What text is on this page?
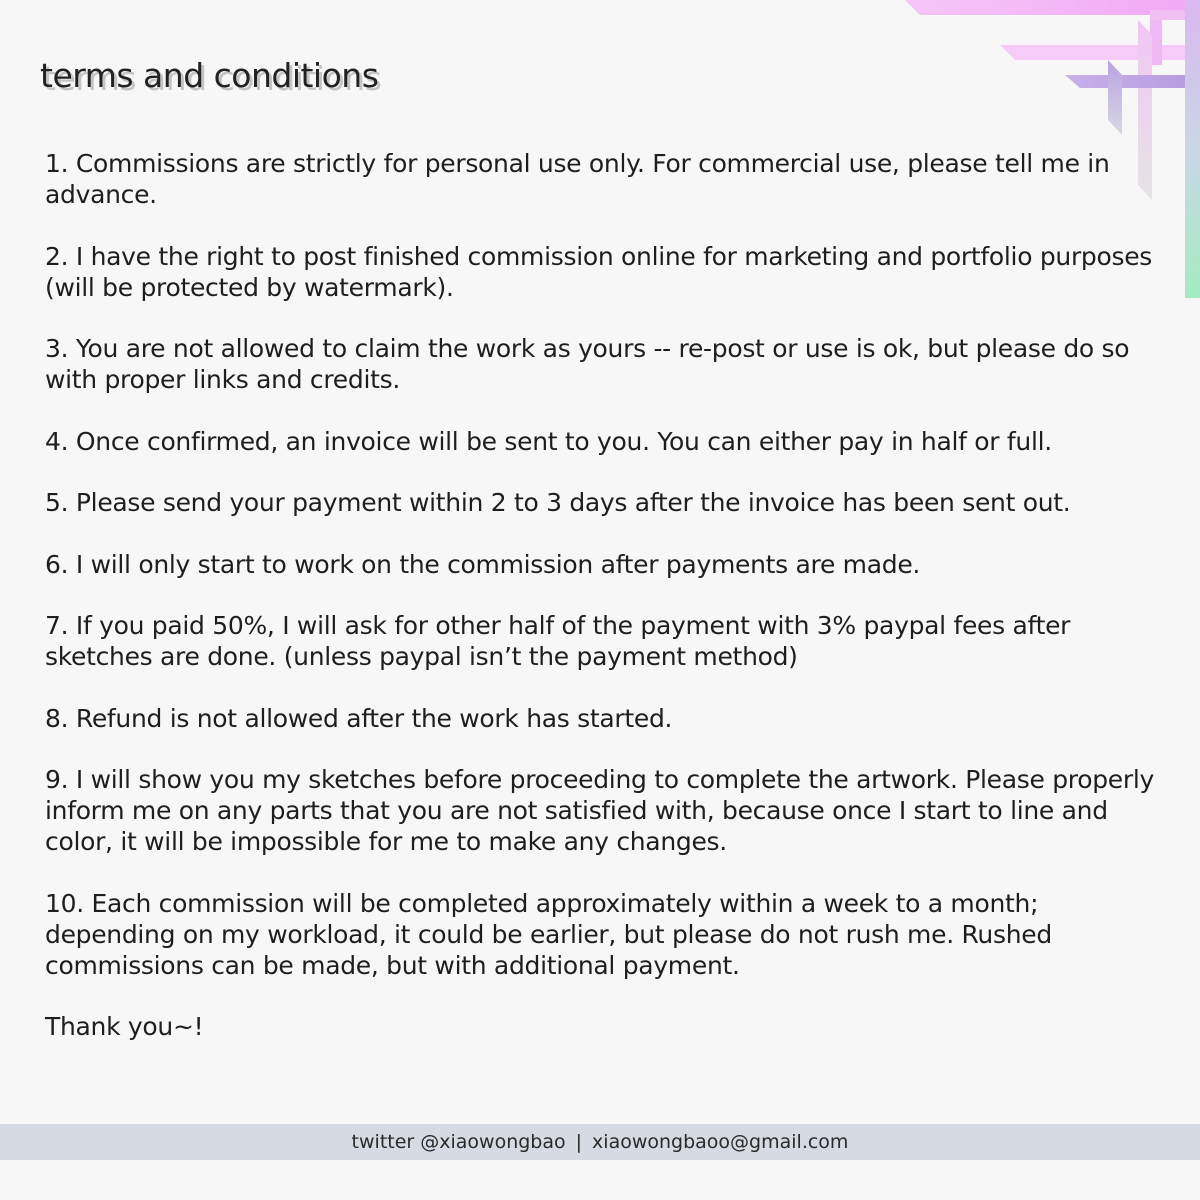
terms and conditions
1. Commissions are strictly for personal use only. For commercial use, please tell me in advance.
2. I have the right to post finished commission online for marketing and portfolio purposes (will be protected by watermark).
3. You are not allowed to claim the work as yours -- re-post or use is ok, but please do so with proper links and credits.
4. Once confirmed, an invoice will be sent to you. You can either pay in half or full.
5. Please send your payment within 2 to 3 days after the invoice has been sent out.
6. I will only start to work on the commission after payments are made.
7. If you paid 50%, I will ask for other half of the payment with 3% paypal fees after sketches are done. (unless paypal isn’t the payment method)
8. Refund is not allowed after the work has started.
9. I will show you my sketches before proceeding to complete the artwork. Please properly inform me on any parts that you are not satisfied with, because once I start to line and color, it will be impossible for me to make any changes.
10. Each commission will be completed approximately within a week to a month; depending on my workload, it could be earlier, but please do not rush me. Rushed commissions can be made, but with additional payment.

Thank you~!

twitter @xiaowongbao | xiaowongbaoo@gmail.com
